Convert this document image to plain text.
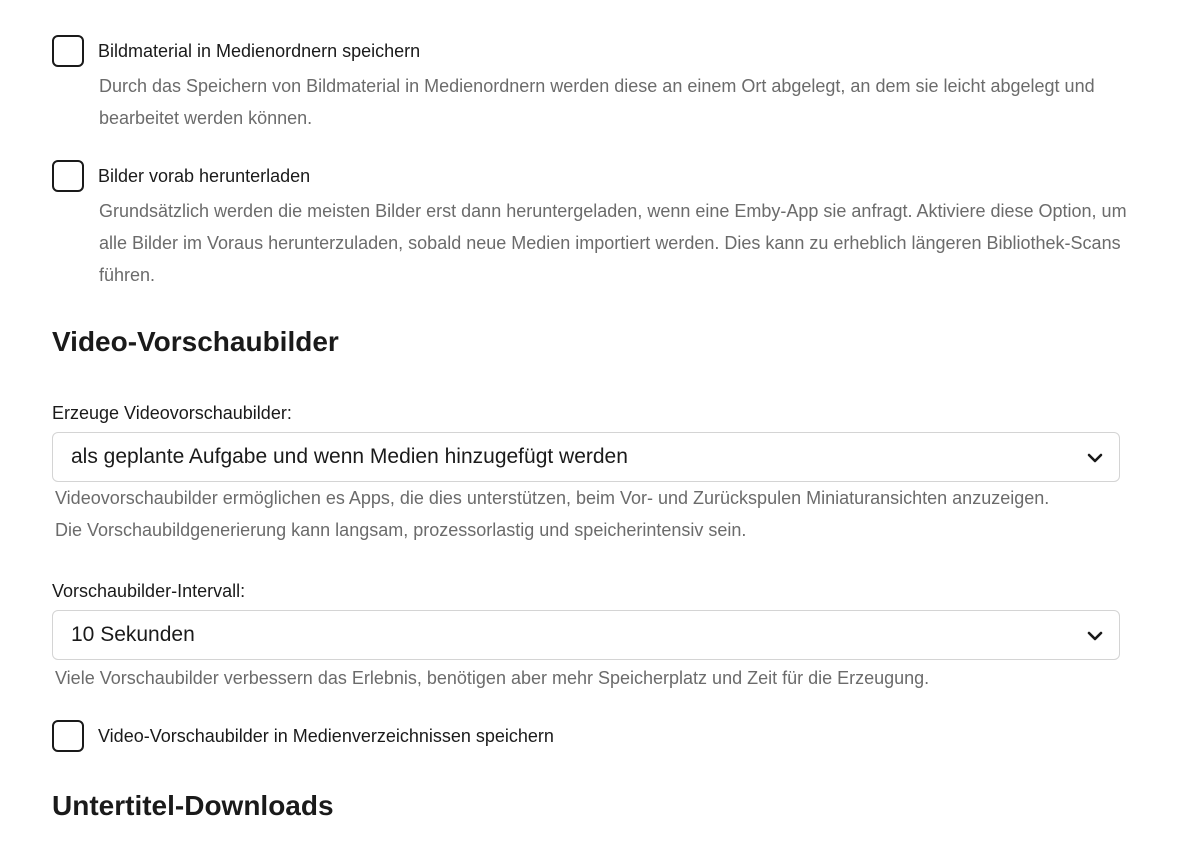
Bildmaterial in Medienordnern speichern
Durch das Speichern von Bildmaterial in Medienordnern werden diese an einem Ort abgelegt, an dem sie leicht abgelegt und bearbeitet werden können.
Bilder vorab herunterladen
Grundsätzlich werden die meisten Bilder erst dann heruntergeladen, wenn eine Emby-App sie anfragt. Aktiviere diese Option, um alle Bilder im Voraus herunterzuladen, sobald neue Medien importiert werden. Dies kann zu erheblich längeren Bibliothek-Scans führen.
Video-Vorschaubilder
Erzeuge Videovorschaubilder:
als geplante Aufgabe und wenn Medien hinzugefügt werden
Videovorschaubilder ermöglichen es Apps, die dies unterstützen, beim Vor- und Zurückspulen Miniaturansichten anzuzeigen. Die Vorschaubildgenerierung kann langsam, prozessorlastig und speicherintensiv sein.
Vorschaubilder-Intervall:
10 Sekunden
Viele Vorschaubilder verbessern das Erlebnis, benötigen aber mehr Speicherplatz und Zeit für die Erzeugung.
Video-Vorschaubilder in Medienverzeichnissen speichern
Untertitel-Downloads
